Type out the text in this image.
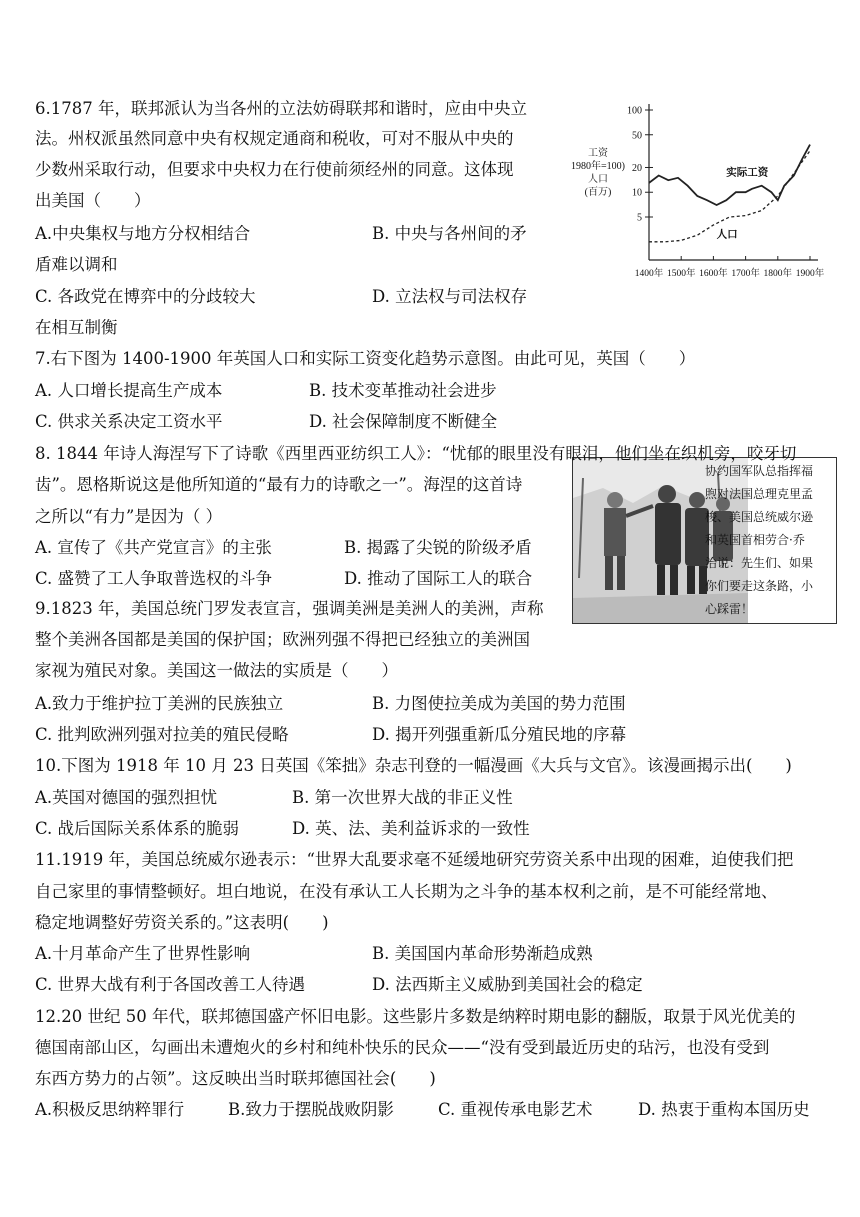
6.1787 年，联邦派认为当各州的立法妨碍联邦和谐时，应由中央立
法。州权派虽然同意中央有权规定通商和税收，可对不服从中央的
少数州采取行动，但要求中央权力在行使前须经州的同意。这体现
出美国（　　）
A.中央集权与地方分权相结合	B. 中央与各州间的矛
盾难以调和
C. 各政党在博弈中的分歧较大	D. 立法权与司法权存
在相互制衡
工资
1980年=100)
人口
(百万)
100
50
20
10
5
1400年 1500年 1600年 1700年 1800年 1900年
实际工资
人口
7.右下图为 1400-1900 年英国人口和实际工资变化趋势示意图。由此可见，英国（　　）
A. 人口增长提高生产成本	B. 技术变革推动社会进步
C. 供求关系决定工资水平	D. 社会保障制度不断健全
协约国军队总指挥福
煦对法国总理克里孟
梭、美国总统威尔逊
和英国首相劳合·乔
治说：先生们、如果
你们要走这条路，小
心踩雷！
8. 1844 年诗人海涅写下了诗歌《西里西亚纺织工人》：“忧郁的眼里没有眼泪，他们坐在织机旁，咬牙切
齿”。恩格斯说这是他所知道的“最有力的诗歌之一”。海涅的这首诗
之所以“有力”是因为（ ）
A. 宣传了《共产党宣言》的主张	B. 揭露了尖锐的阶级矛盾
C. 盛赞了工人争取普选权的斗争	D. 推动了国际工人的联合
9.1823 年，美国总统门罗发表宣言，强调美洲是美洲人的美洲，声称
整个美洲各国都是美国的保护国；欧洲列强不得把已经独立的美洲国
家视为殖民对象。美国这一做法的实质是（　　）
A.致力于维护拉丁美洲的民族独立	B. 力图使拉美成为美国的势力范围
C. 批判欧洲列强对拉美的殖民侵略	D. 揭开列强重新瓜分殖民地的序幕
10.下图为 1918 年 10 月 23 日英国《笨拙》杂志刊登的一幅漫画《大兵与文官》。该漫画揭示出(　　)
A.英国对德国的强烈担忧	B. 第一次世界大战的非正义性
C. 战后国际关系体系的脆弱	D. 英、法、美利益诉求的一致性
11.1919 年，美国总统威尔逊表示：“世界大乱要求毫不延缓地研究劳资关系中出现的困难，迫使我们把
自己家里的事情整顿好。坦白地说，在没有承认工人长期为之斗争的基本权利之前，是不可能经常地、
稳定地调整好劳资关系的。”这表明(　　)
A.十月革命产生了世界性影响	B. 美国国内革命形势渐趋成熟
C. 世界大战有利于各国改善工人待遇	D. 法西斯主义威胁到美国社会的稳定
12.20 世纪 50 年代，联邦德国盛产怀旧电影。这些影片多数是纳粹时期电影的翻版，取景于风光优美的
德国南部山区，勾画出未遭炮火的乡村和纯朴快乐的民众——“没有受到最近历史的玷污，也没有受到
东西方势力的占领”。这反映出当时联邦德国社会(　　)
A.积极反思纳粹罪行	B.致力于摆脱战败阴影	C. 重视传承电影艺术	D. 热衷于重构本国历史
